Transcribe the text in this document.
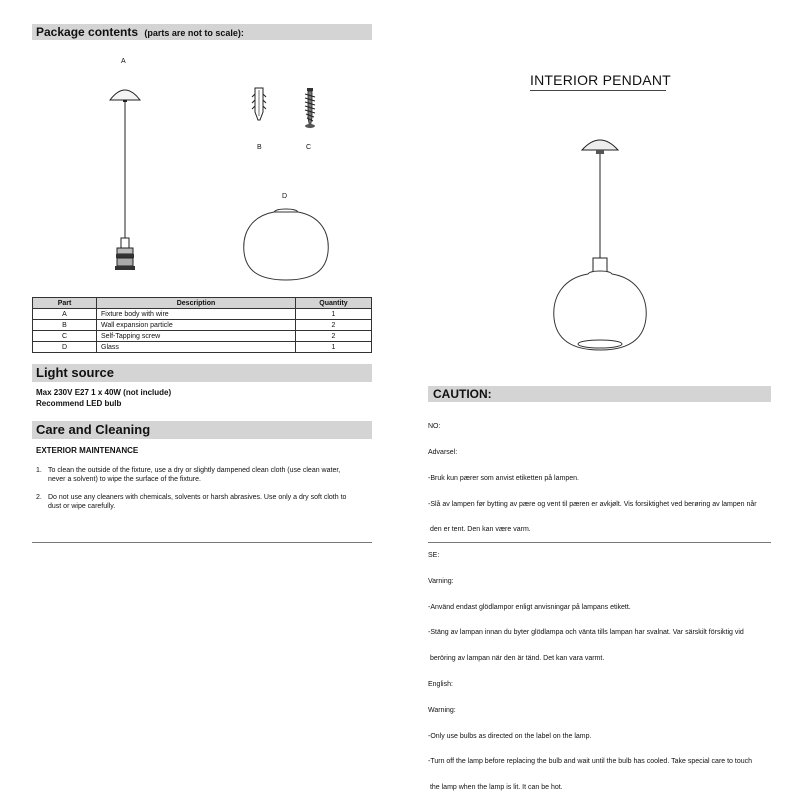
Package contents (parts are not to scale):
A
B	C
D
Part	Description	Quantity
A	Fixture body with wire	1
B	Wall expansion particle	2
C	Self-Tapping screw	2
D	Glass	1
Light source
Max 230V E27 1 x 40W (not include)
Recommend LED bulb
Care and Cleaning
EXTERIOR MAINTENANCE
1. To clean the outside of the fixture, use a dry or slightly dampened clean cloth (use clean water,
never a solvent) to wipe the surface of the fixture.
2. Do not use any cleaners with chemicals, solvents or harsh abrasives. Use only a dry soft cloth to
dust or wipe carefully.
INTERIOR PENDANT
CAUTION:

NO:

Advarsel:

-Bruk kun pærer som anvist etiketten på lampen.

-Slå av lampen før bytting av pære og vent til pæren er avkjølt. Vis forsiktighet ved berøring av lampen når

den er tent. Den kan være varm.

SE:

Varning:

-Använd endast glödlampor enligt anvisningar på lampans etikett.

-Stäng av lampan innan du byter glödlampa och vänta tills lampan har svalnat. Var särskilt försiktig vid

beröring av lampan när den är tänd. Det kan vara varmt.

English:

Warning:

-Only use bulbs as directed on the label on the lamp.

-Turn off the lamp before replacing the bulb and wait until the bulb has cooled. Take special care to touch

the lamp when the lamp is lit. It can be hot.
